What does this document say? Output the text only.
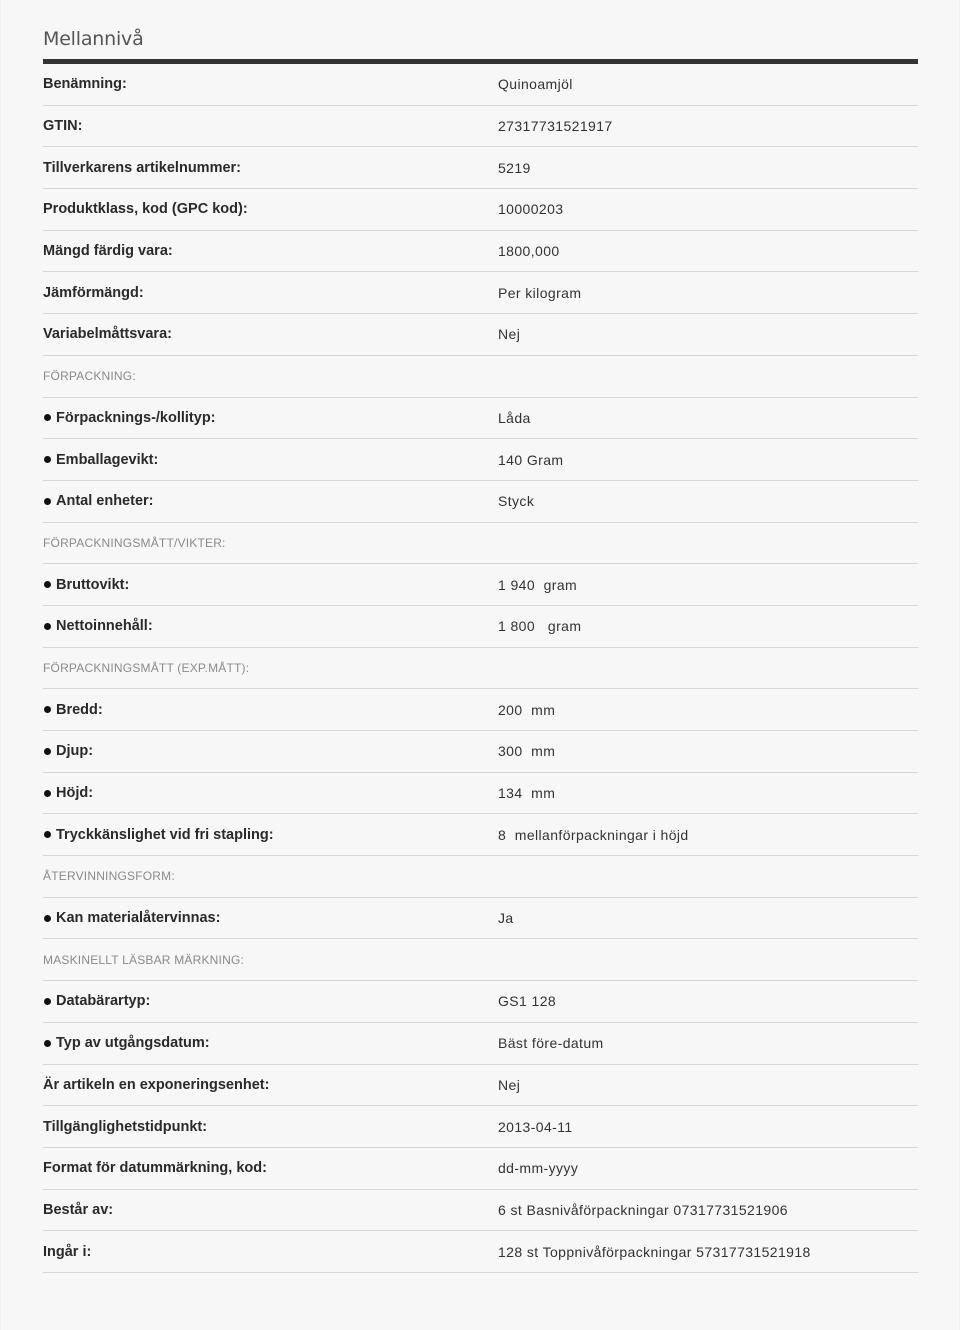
Mellannivå
Benämning:	Quinoamjöl
GTIN:	27317731521917
Tillverkarens artikelnummer:	5219
Produktklass, kod (GPC kod):	10000203
Mängd färdig vara:	1800,000
Jämförmängd:	Per kilogram
Variabelmåttsvara:	Nej
FÖRPACKNING:
Förpacknings-/kollityp:	Låda
Emballagevikt:	140 Gram
Antal enheter:	Styck
FÖRPACKNINGSMÅTT/VIKTER:
Bruttovikt:	1 940  gram
Nettoinnehåll:	1 800   gram
FÖRPACKNINGSMÅTT (EXP.MÅTT):
Bredd:	200  mm
Djup:	300  mm
Höjd:	134  mm
Tryckkänslighet vid fri stapling:	8  mellanförpackningar i höjd
ÅTERVINNINGSFORM:
Kan materialåtervinnas:	Ja
MASKINELLT LÄSBAR MÄRKNING:
Databärartyp:	GS1 128
Typ av utgångsdatum:	Bäst före-datum
Är artikeln en exponeringsenhet:	Nej
Tillgänglighetstidpunkt:	2013-04-11
Format för datummärkning, kod:	dd-mm-yyyy
Består av:	6 st Basnivåförpackningar 07317731521906
Ingår i:	128 st Toppnivåförpackningar 57317731521918
